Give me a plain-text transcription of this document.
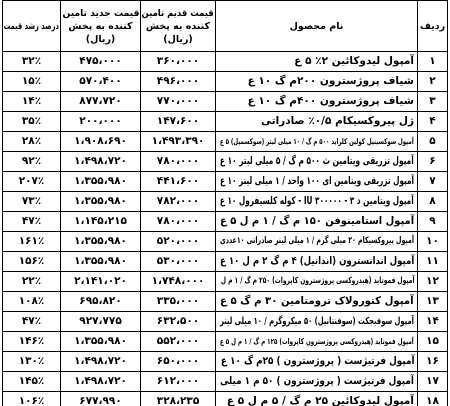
ردیف
نام محصول
قیمت قدیم تامین
کننده به پخش
(ریال)
قیمت جدید تامین
کننده به پخش
(ریال)
درصد رشد قیمت
۱
آمپول لیدوکائین ۲٪ ۵ ع
۳۶۰،۰۰۰
۴۷۵،۰۰۰
۳۲٪
۲
شیاف پروژسترون ۲۰۰م گ ۱۰ ع
۴۹۶،۰۰۰
۵۷۰،۴۰۰
۱۵٪
۳
شیاف پروژسترون ۴۰۰م گ ۱۰ ع
۷۷۰،۰۰۰
۸۷۷،۷۲۰
۱۴٪
۴
ژل پیروکسیکام ۰/۵٪ صادراتی
۱۴۷،۶۰۰
۲۰۰،۰۰۰
۳۵٪
۵
آمپول سوکسینیل کولین کلراید ۵۰۰ م گ / ۱۰ میلی لیتر (سوکسمیل) ۵ ع
۱،۴۹۳،۳۹۰
۱،۹۰۸،۶۹۰
۲۸٪
۶
آمپول تزریقی ویتامین ث ۵۰۰ م گ / ۵ میلی لیتر ۱۰ ع
۷۸۰،۰۰۰
۱،۴۹۸،۷۲۰
۹۲٪
۷
آمپول تزریقی ویتامین ای ۱۰۰ واحد / ۱ میلی لیتر ۱۰ ع
۴۴۱،۶۰۰
۱،۳۵۵،۹۸۰
۲۰۷٪
۸
آمپول ویتامین د ۳ - ۳۰۰۰۰۰ IU - کوله کلسیفرول ۱۰ ع
۷۸۲،۰۰۰
۱،۳۵۵،۹۸۰
۷۳٪
۹
آمپول استامینوفن ۱۵۰ م گ / ۱ م ل ۵ ع
۷۸۰،۰۰۰
۱،۱۴۵،۲۱۵
۴۷٪
۱۰
آمپول پیروکسیکام ۲۰ میلی گرم / ۱ میلی لیتر صادراتی ۱۰عددی
۵۲۰،۰۰۰
۱،۳۵۵،۹۸۰
۱۶۱٪
۱۱
آمپول اندانسترون (اندانیل) ۴ م گ ۲ م ل ۱۰ ع
۵۳۰،۰۰۰
۱،۳۵۵،۹۸۰
۱۵۶٪
۱۲
آمپول فموتاید (هیدروکسی پروژسترون کاپروات) ۲۵۰ م گ / ۱ م ل
۱،۷۴۸،۰۰۰
۲،۱۴۱،۰۲۰
۲۲٪
۱۳
آمپول کتورولاک ترومتامین ۳۰ م گ ۵ ع
۳۳۵،۰۰۰
۶۹۵،۸۲۰
۱۰۸٪
۱۴
آمپول سوفیجکت (سوفنتانیل) ۵۰ میکروگرم / ۱۰ میلی لیتر
۶۳۲،۵۰۰
۹۲۷،۷۷۵
۴۷٪
۱۵
آمپول فموتاید (هیدروکسی پروژسترون کاپروات) ۱۲۵ م گ / ۱ م ل ۵ ع
۵۵۲،۰۰۰
۱،۳۵۵،۹۸۰
۱۴۶٪
۱۶
آمپول فرتیژست ( پروژسترون ) ۲۵م گ ۱۰ ع
۶۵۰،۰۰۰
۱،۴۹۸،۷۲۰
۱۳۰٪
۱۷
آمپول فرتیژست ( پروژسترون ) ۵۰ م ۱ میلی
۶۱۲،۰۰۰
۱،۴۹۸،۷۲۰
۱۴۵٪
۱۸
آمپول لیدوکائین ۲۵ م گ / ۵ م ل ۵ ع
۳۲۸،۲۳۵
۶۷۷،۹۹۰
۱۰۶٪
